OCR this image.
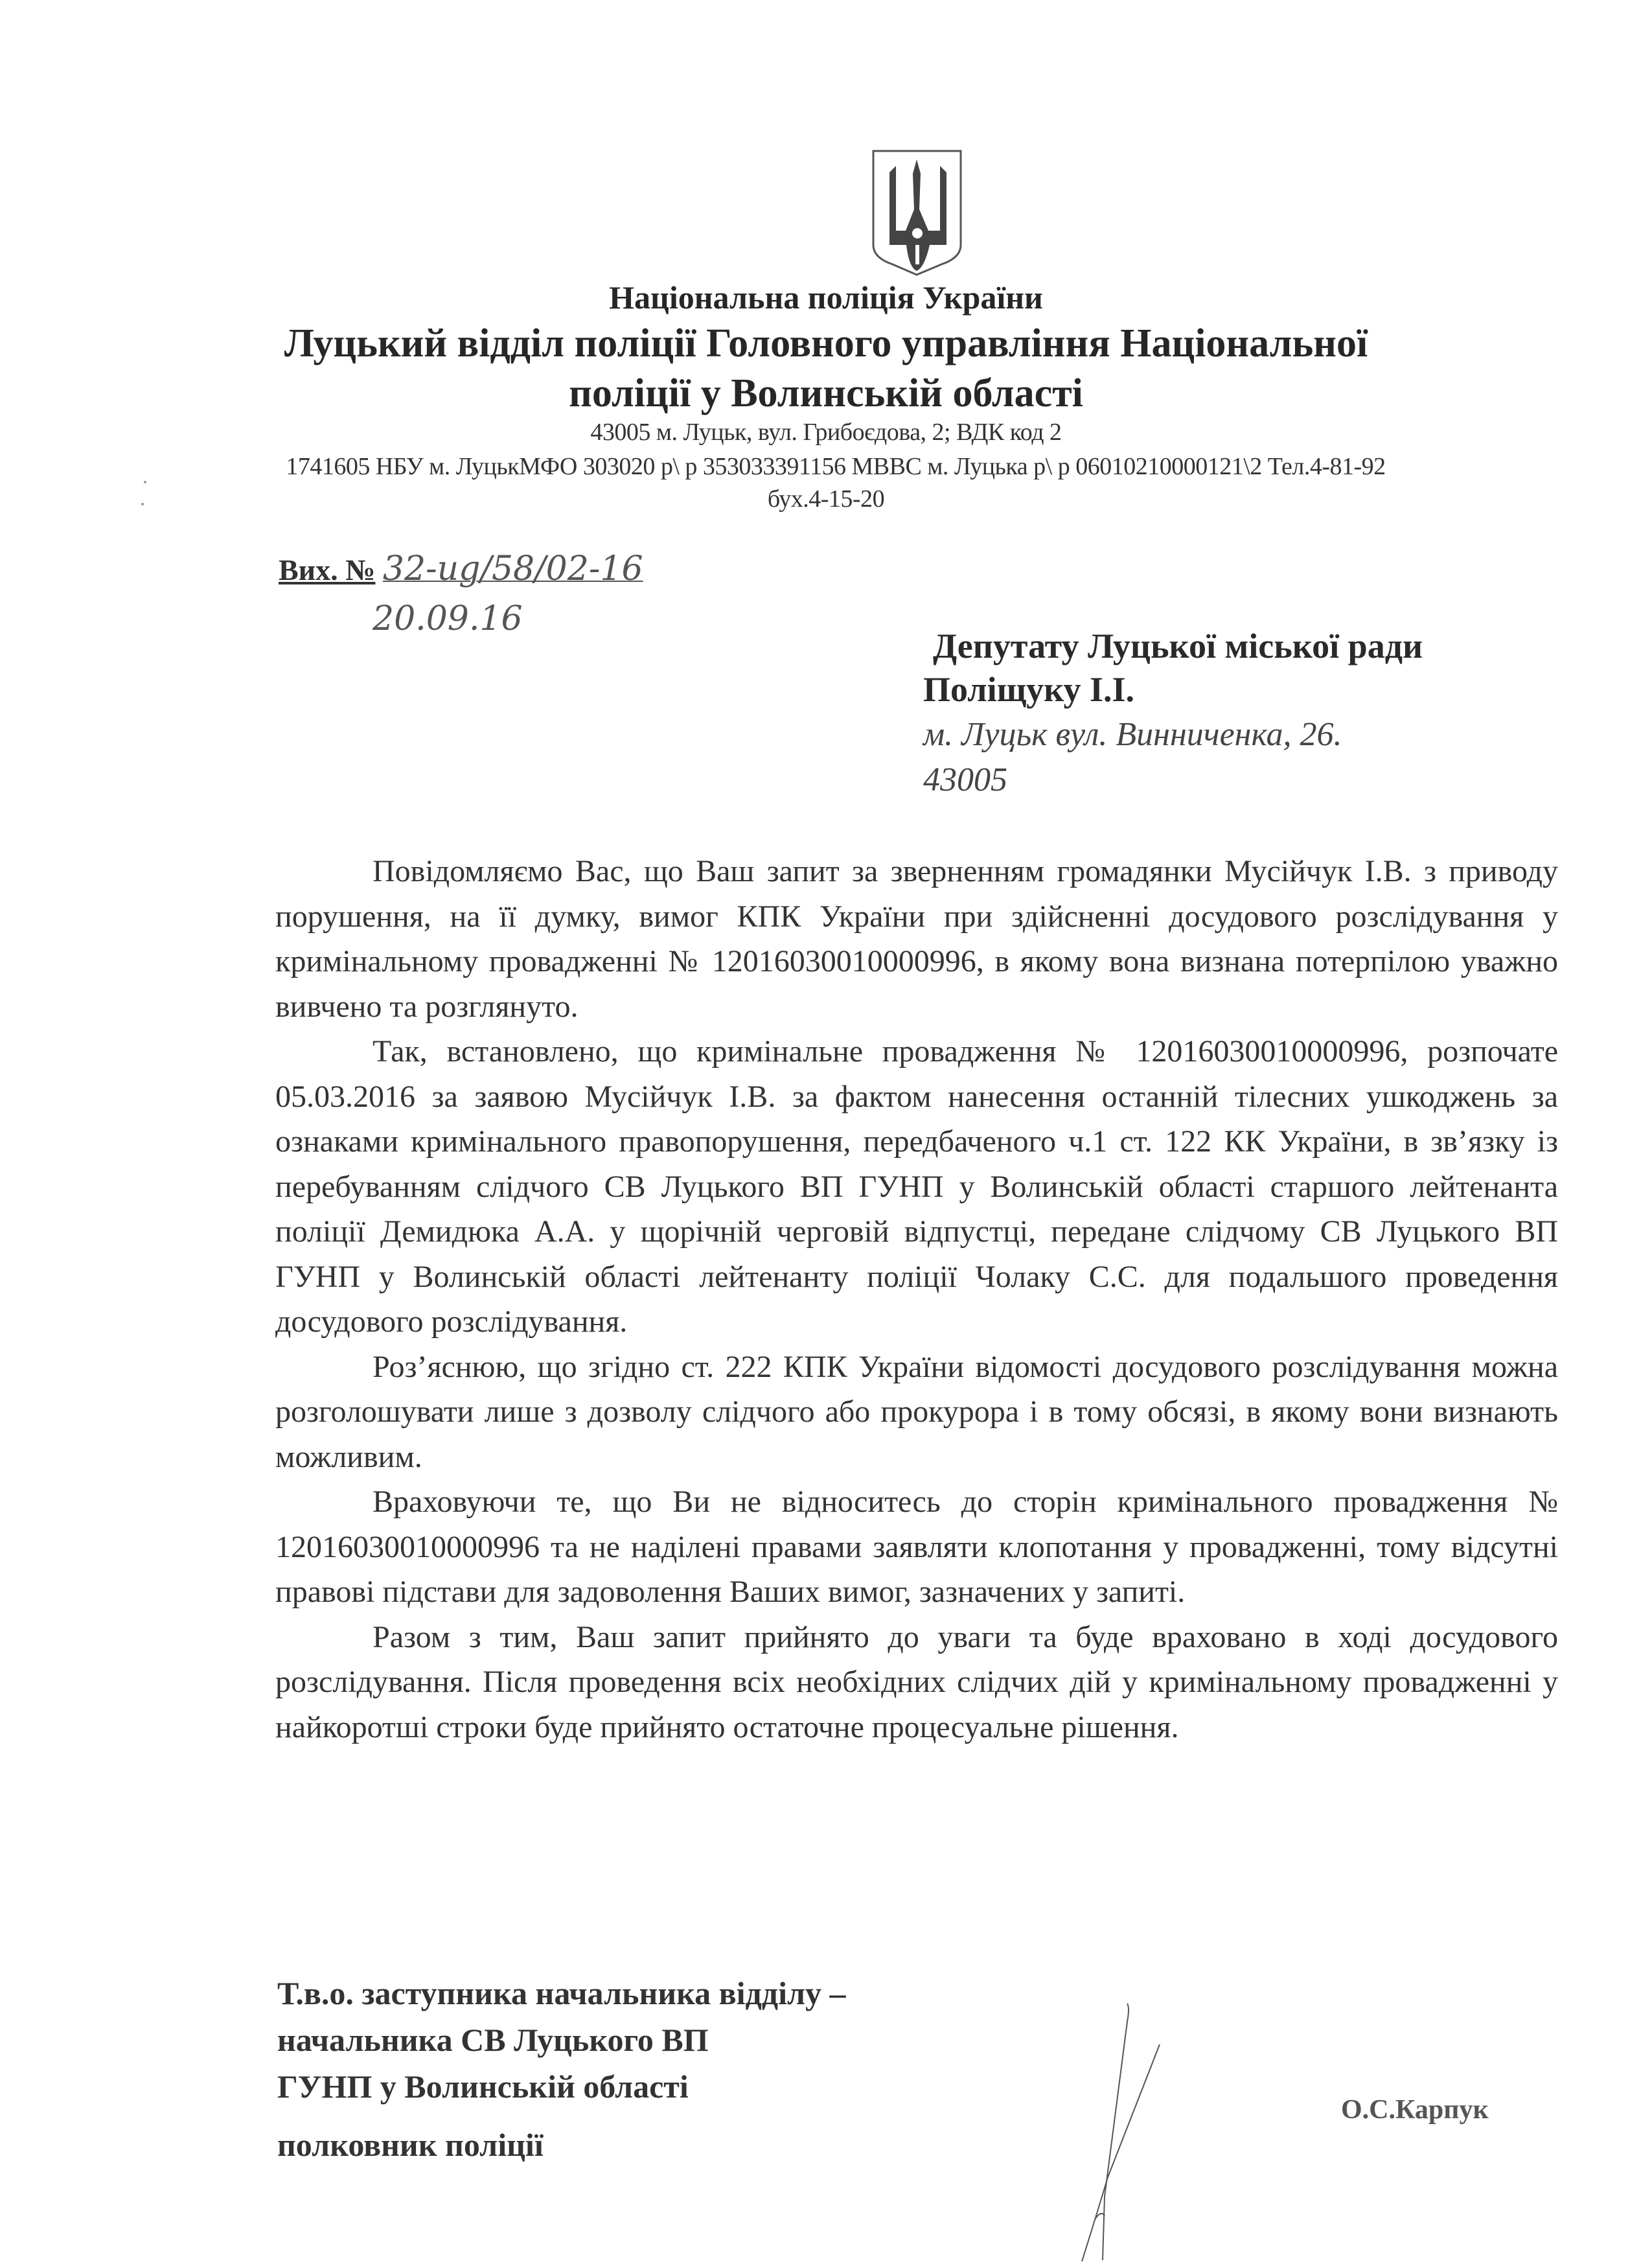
Національна поліція України
Луцький відділ поліції Головного управління Національної
поліції у Волинській області
43005 м. Луцьк, вул. Грибоєдова, 2; ВДК код 2
1741605 НБУ м. ЛуцькМФО 303020 р\ р 353033391156 МВВС м. Луцька р\ р 06010210000121\2 Тел.4-81-92
бух.4-15-20
Вих. № 32-ug/58/02-16
20.09.16
Депутату Луцької міської ради
Поліщуку І.І.
м. Луцьк вул. Винниченка, 26.
43005

Повідомляємо Вас, що Ваш запит за зверненням громадянки Мусійчук І.В. з приводу порушення, на її думку, вимог КПК України при здійсненні досудового розслідування у кримінальному провадженні № 12016030010000996, в якому вона визнана потерпілою уважно вивчено та розглянуто.

Так, встановлено, що кримінальне провадження № 12016030010000996, розпочате 05.03.2016 за заявою Мусійчук І.В. за фактом нанесення останній тілесних ушкоджень за ознаками кримінального правопорушення, передбаченого ч.1 ст. 122 КК України, в зв’язку із перебуванням слідчого СВ Луцького ВП ГУНП у Волинській області старшого лейтенанта поліції Демидюка А.А. у щорічній черговій відпустці, передане слідчому СВ Луцького ВП ГУНП у Волинській області лейтенанту поліції Чолаку С.С. для подальшого проведення досудового розслідування.

Роз’яснюю, що згідно ст. 222 КПК України відомості досудового розслідування можна розголошувати лише з дозволу слідчого або прокурора і в тому обсязі, в якому вони визнають можливим.

Враховуючи те, що Ви не відноситесь до сторін кримінального провадження № 12016030010000996 та не наділені правами заявляти клопотання у провадженні, тому відсутні правові підстави для задоволення Ваших вимог, зазначених у запиті.

Разом з тим, Ваш запит прийнято до уваги та буде враховано в ході досудового розслідування. Після проведення всіх необхідних слідчих дій у кримінальному провадженні у найкоротші строки буде прийнято остаточне процесуальне рішення.

Т.в.о. заступника начальника відділу –
начальника СВ Луцького ВП
ГУНП у Волинській області
полковник поліції
О.С.Карпук
